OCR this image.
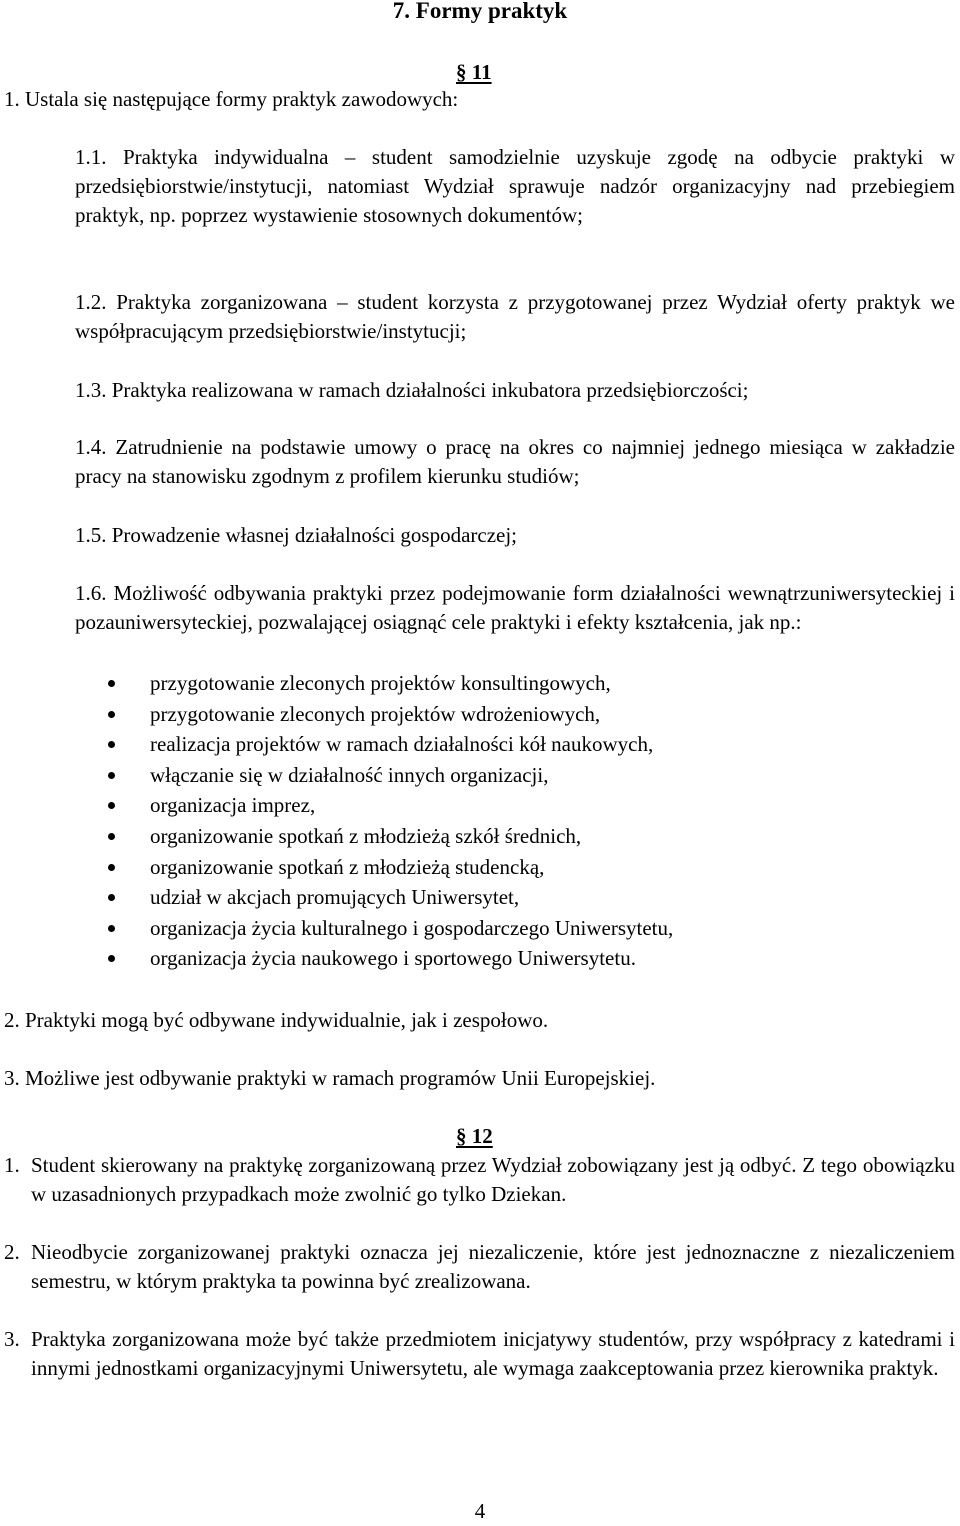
7. Formy praktyk
§ 11
1. Ustala się następujące formy praktyk zawodowych:
1.1. Praktyka indywidualna – student samodzielnie uzyskuje zgodę na odbycie praktyki w przedsiębiorstwie/instytucji, natomiast Wydział sprawuje nadzór organizacyjny nad przebiegiem praktyk, np. poprzez wystawienie stosownych dokumentów;
1.2. Praktyka zorganizowana – student korzysta z przygotowanej przez Wydział oferty praktyk we współpracującym przedsiębiorstwie/instytucji;
1.3. Praktyka realizowana w ramach działalności inkubatora przedsiębiorczości;
1.4. Zatrudnienie na podstawie umowy o pracę na okres co najmniej jednego miesiąca w zakładzie pracy na stanowisku zgodnym z profilem kierunku studiów;
1.5. Prowadzenie własnej działalności gospodarczej;
1.6. Możliwość odbywania praktyki przez podejmowanie form działalności wewnątrzuniwersyteckiej i pozauniwersyteckiej, pozwalającej osiągnąć cele praktyki i efekty kształcenia, jak np.:
przygotowanie zleconych projektów konsultingowych,
przygotowanie zleconych projektów wdrożeniowych,
realizacja projektów w ramach działalności kół naukowych,
włączanie się w działalność innych organizacji,
organizacja imprez,
organizowanie spotkań z młodzieżą szkół średnich,
organizowanie spotkań z młodzieżą studencką,
udział w akcjach promujących Uniwersytet,
organizacja życia kulturalnego i gospodarczego Uniwersytetu,
organizacja życia naukowego i sportowego Uniwersytetu.
2. Praktyki mogą być odbywane indywidualnie, jak i zespołowo.
3. Możliwe jest odbywanie praktyki w ramach programów Unii Europejskiej.
§ 12
1. Student skierowany na praktykę zorganizowaną przez Wydział zobowiązany jest ją odbyć. Z tego obowiązku w uzasadnionych przypadkach może zwolnić go tylko Dziekan.
2. Nieodbycie zorganizowanej praktyki oznacza jej niezaliczenie, które jest jednoznaczne z niezaliczeniem semestru, w którym praktyka ta powinna być zrealizowana.
3. Praktyka zorganizowana może być także przedmiotem inicjatywy studentów, przy współpracy z katedrami i innymi jednostkami organizacyjnymi Uniwersytetu, ale wymaga zaakceptowania przez kierownika praktyk.
4
